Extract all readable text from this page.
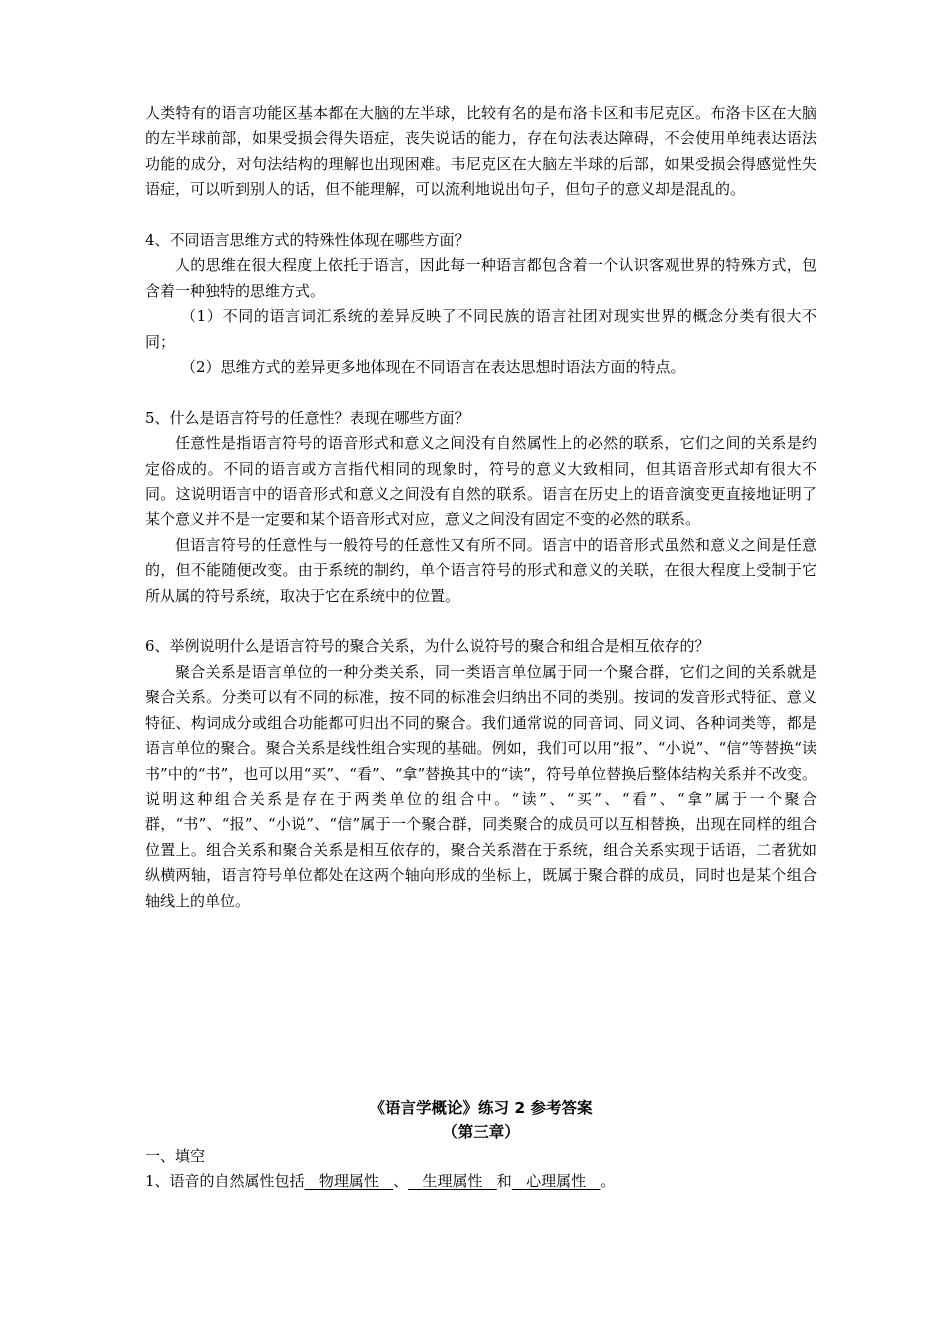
人类特有的语言功能区基本都在大脑的左半球，比较有名的是布洛卡区和韦尼克区。布洛卡区在大脑的左半球前部，如果受损会得失语症，丧失说话的能力，存在句法表达障碍，不会使用单纯表达语法功能的成分，对句法结构的理解也出现困难。韦尼克区在大脑左半球的后部，如果受损会得感觉性失语症，可以听到别人的话，但不能理解，可以流利地说出句子，但句子的意义却是混乱的。

4、不同语言思维方式的特殊性体现在哪些方面？

人的思维在很大程度上依托于语言，因此每一种语言都包含着一个认识客观世界的特殊方式，包含着一种独特的思维方式。

（1）不同的语言词汇系统的差异反映了不同民族的语言社团对现实世界的概念分类有很大不同；

（2）思维方式的差异更多地体现在不同语言在表达思想时语法方面的特点。

5、什么是语言符号的任意性？表现在哪些方面？

任意性是指语言符号的语音形式和意义之间没有自然属性上的必然的联系，它们之间的关系是约定俗成的。不同的语言或方言指代相同的现象时，符号的意义大致相同，但其语音形式却有很大不同。这说明语言中的语音形式和意义之间没有自然的联系。语言在历史上的语音演变更直接地证明了某个意义并不是一定要和某个语音形式对应，意义之间没有固定不变的必然的联系。

但语言符号的任意性与一般符号的任意性又有所不同。语言中的语音形式虽然和意义之间是任意的，但不能随便改变。由于系统的制约，单个语言符号的形式和意义的关联，在很大程度上受制于它所从属的符号系统，取决于它在系统中的位置。

6、举例说明什么是语言符号的聚合关系，为什么说符号的聚合和组合是相互依存的？

聚合关系是语言单位的一种分类关系，同一类语言单位属于同一个聚合群，它们之间的关系就是聚合关系。分类可以有不同的标准，按不同的标准会归纳出不同的类别。按词的发音形式特征、意义特征、构词成分或组合功能都可归出不同的聚合。我们通常说的同音词、同义词、各种词类等，都是语言单位的聚合。聚合关系是线性组合实现的基础。例如，我们可以用“报”、“小说”、“信”等替换“读书”中的“书”，也可以用“买”、“看”、“拿”替换其中的“读”，符号单位替换后整体结构关系并不改变。说明这种组合关系是存在于两类单位的组合中。“读”、“买”、“看”、“拿”属于一个聚合群，“书”、“报”、“小说”、“信”属于一个聚合群，同类聚合的成员可以互相替换，出现在同样的组合位置上。组合关系和聚合关系是相互依存的，聚合关系潜在于系统，组合关系实现于话语，二者犹如纵横两轴，语言符号单位都处在这两个轴向形成的坐标上，既属于聚合群的成员，同时也是某个组合轴线上的单位。

《语言学概论》练习 2 参考答案

（第三章）

一、填空

1、语音的自然属性包括   物理属性   、   生理属性   和   心理属性   。
